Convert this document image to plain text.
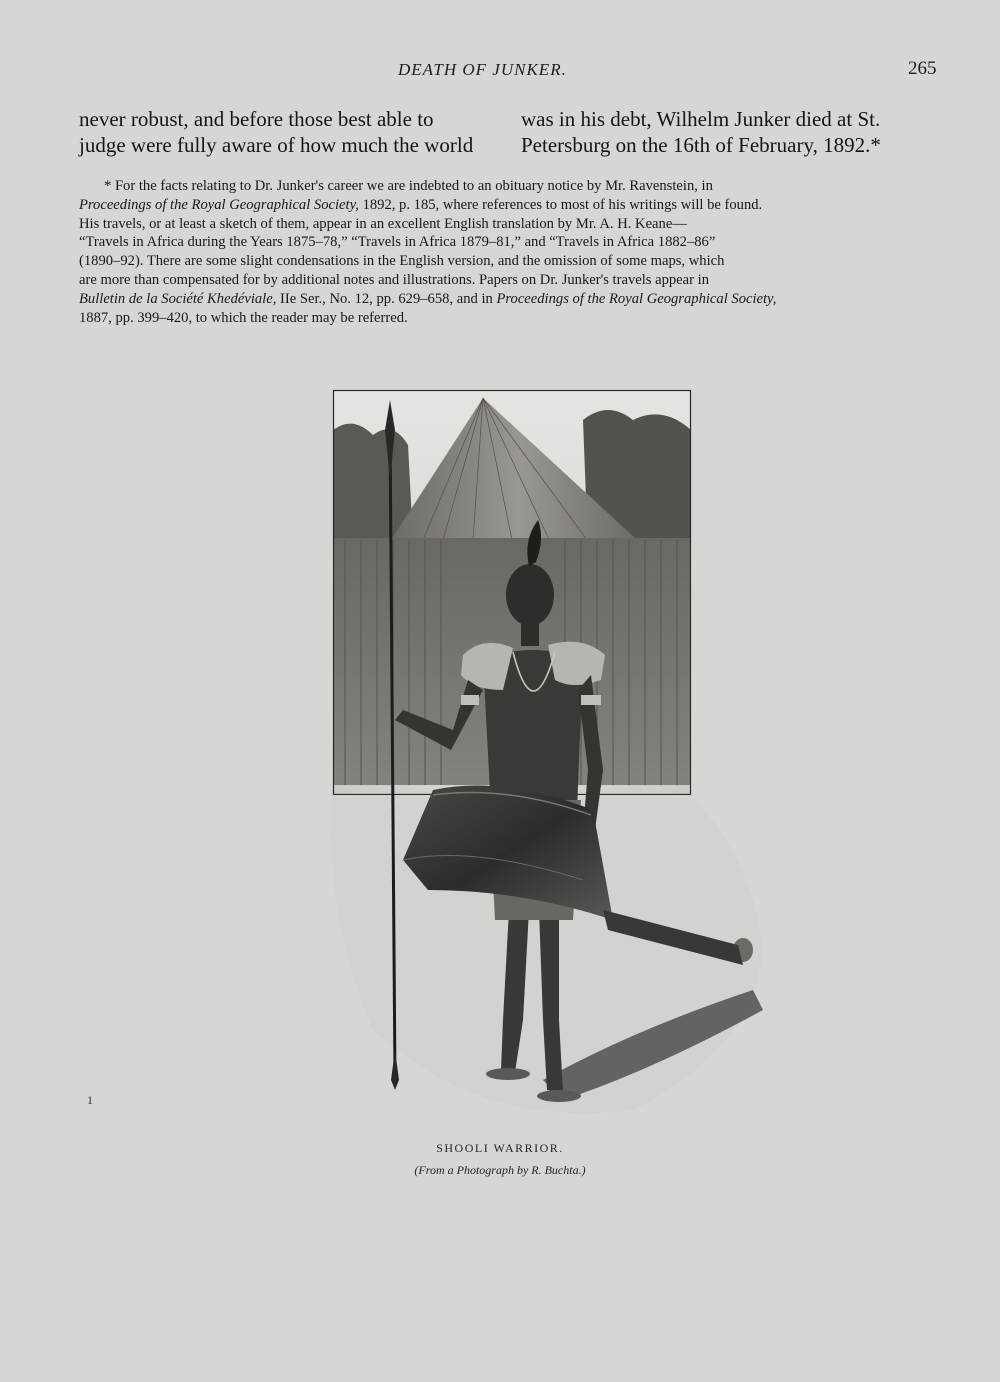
DEATH OF JUNKER.	265
never robust, and before those best able to
judge were fully aware of how much the world
was in his debt, Wilhelm Junker died at St.
Petersburg on the 16th of February, 1892.*
* For the facts relating to Dr. Junker's career we are indebted to an obituary notice by Mr. Ravenstein, in
Proceedings of the Royal Geographical Society, 1892, p. 185, where references to most of his writings will be found.
His travels, or at least a sketch of them, appear in an excellent English translation by Mr. A. H. Keane—
“Travels in Africa during the Years 1875–78,” “Travels in Africa 1879–81,” and “Travels in Africa 1882–86”
(1890–92). There are some slight condensations in the English version, and the omission of some maps, which
are more than compensated for by additional notes and illustrations. Papers on Dr. Junker's travels appear in
Bulletin de la Société Khedéviale, IIe Ser., No. 12, pp. 629–658, and in Proceedings of the Royal Geographical Society,
1887, pp. 399–420, to which the reader may be referred.
1
SHOOLI WARRIOR.
(From a Photograph by R. Buchta.)
